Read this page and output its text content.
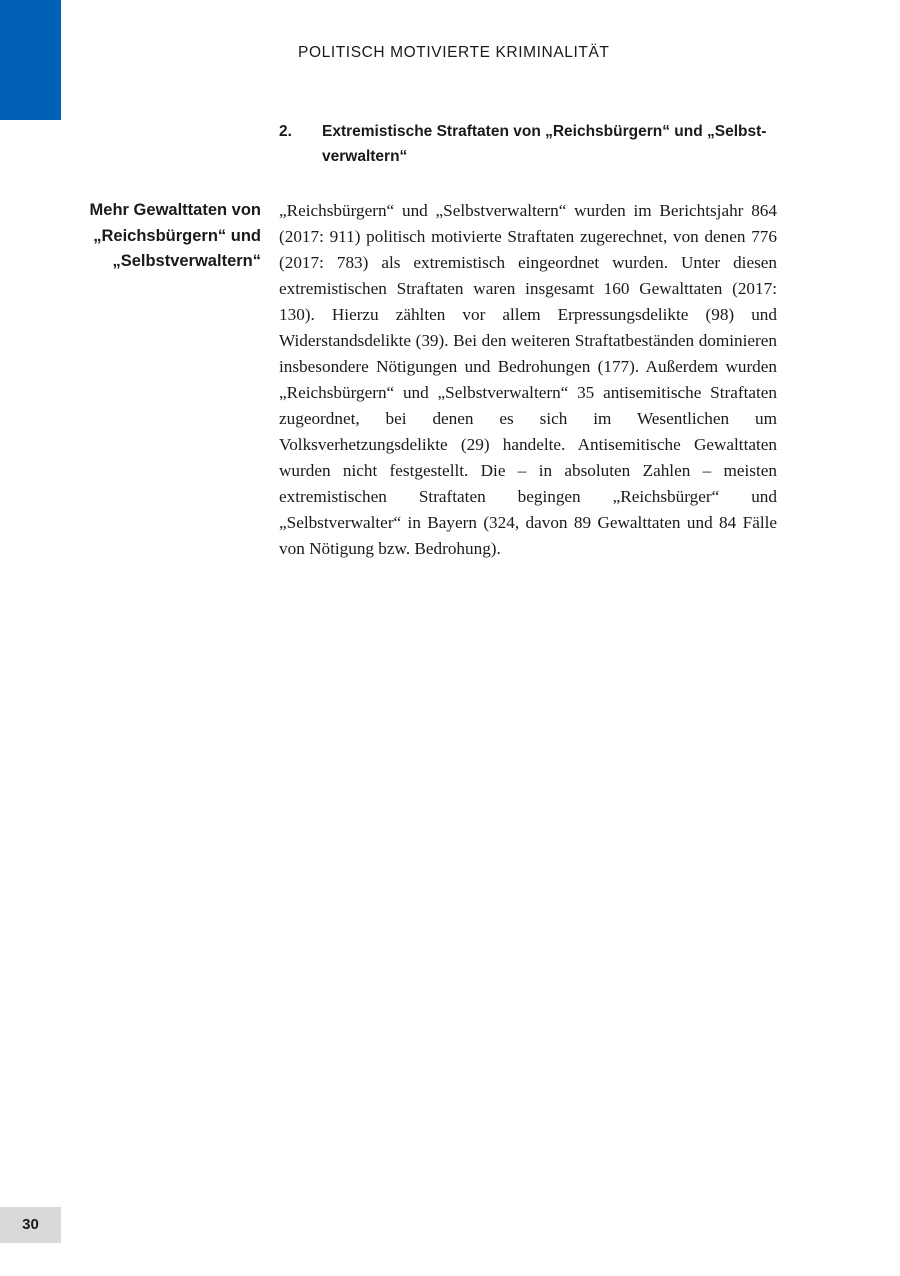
POLITISCH MOTIVIERTE KRIMINALITÄT
2. Extremistische Straftaten von „Reichsbürgern“ und „Selbstverwaltern“
Mehr Gewalttaten von „Reichsbürgern“ und „Selbstverwaltern“

„Reichsbürgern“ und „Selbstverwaltern“ wurden im Berichtsjahr 864 (2017: 911) politisch motivierte Straftaten zugerechnet, von denen 776 (2017: 783) als extremistisch eingeordnet wurden. Unter diesen extremistischen Straftaten waren insgesamt 160 Gewalttaten (2017: 130). Hierzu zählten vor allem Erpressungsdelikte (98) und Widerstandsdelikte (39). Bei den weiteren Straftatbeständen dominieren insbesondere Nötigungen und Bedrohungen (177). Außerdem wurden „Reichsbürgern“ und „Selbstverwaltern“ 35 antisemitische Straftaten zugeordnet, bei denen es sich im Wesentlichen um Volksverhetzungsdelikte (29) handelte. Antisemitische Gewalttaten wurden nicht festgestellt. Die – in absoluten Zahlen – meisten extremistischen Straftaten begingen „Reichsbürger“ und „Selbstverwalter“ in Bayern (324, davon 89 Gewalttaten und 84 Fälle von Nötigung bzw. Bedrohung).

30
